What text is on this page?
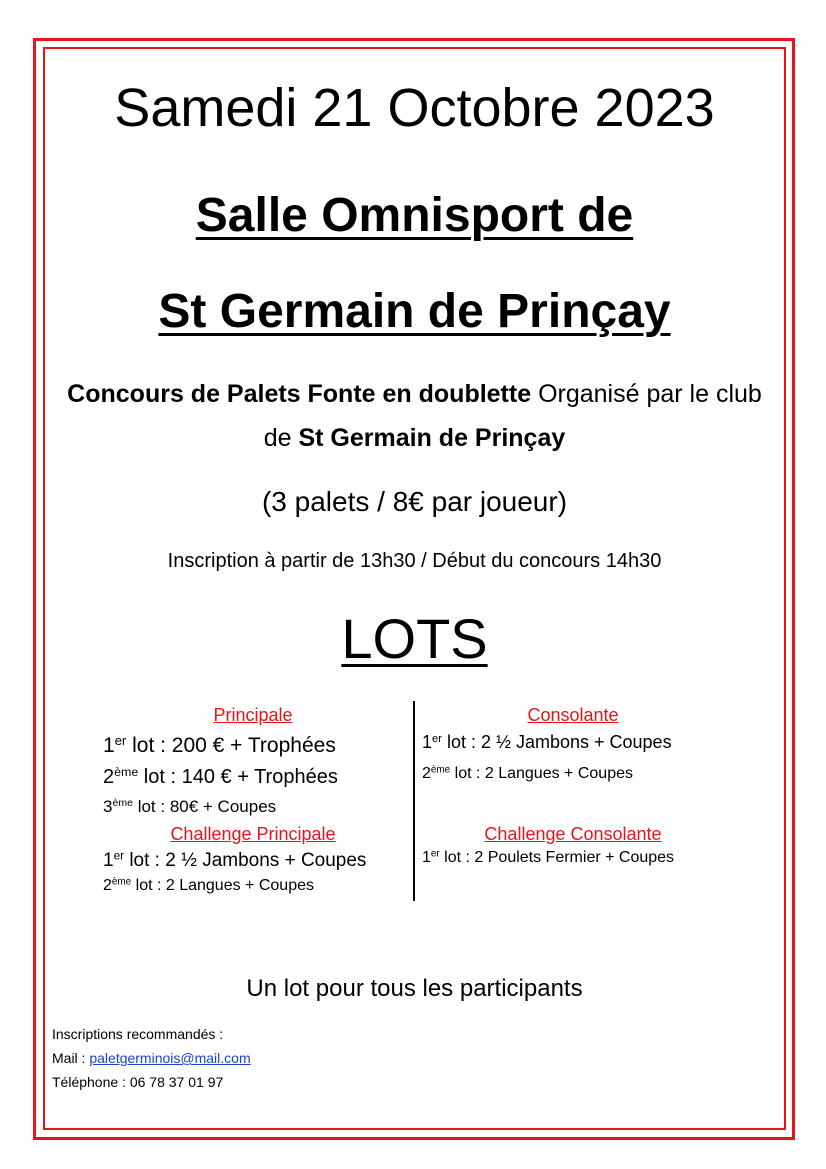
Samedi 21 Octobre 2023
Salle Omnisport de
St Germain de Prinçay
Concours de Palets Fonte en doublette Organisé par le club de St Germain de Prinçay
(3 palets / 8€ par joueur)
Inscription à partir de 13h30 / Début du concours 14h30
LOTS
Principale
1er lot : 200 € + Trophées
2ème lot : 140 € + Trophées
3ème lot : 80€ + Coupes
Challenge Principale
1er lot : 2 ½ Jambons + Coupes
2ème lot : 2 Langues + Coupes
Consolante
1er lot : 2 ½ Jambons + Coupes
2ème lot : 2 Langues + Coupes
Challenge Consolante
1er lot : 2 Poulets Fermier + Coupes
Un lot pour tous les participants
Inscriptions recommandés :
Mail : paletgerminois@mail.com
Téléphone : 06 78 37 01 97
